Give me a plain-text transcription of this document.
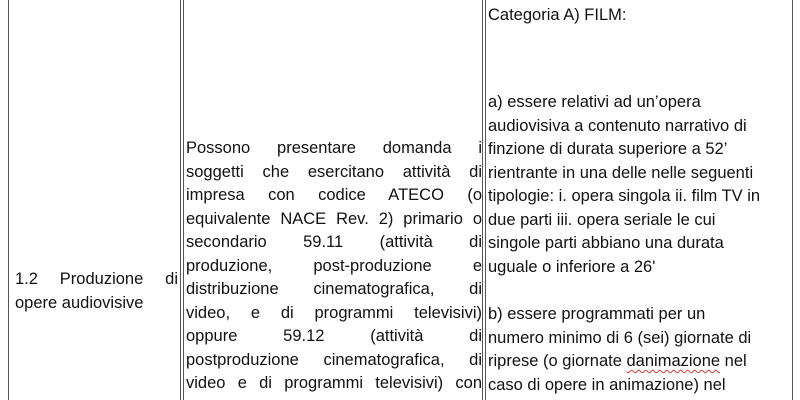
1.2 Produzione di
opere audiovisive
Possono presentare domanda i
soggetti che esercitano attività di
impresa con codice ATECO (o
equivalente NACE Rev. 2) primario o
secondario 59.11 (attività di
produzione, post-produzione e
distribuzione cinematografica, di
video, e di programmi televisivi)
oppure 59.12 (attività di
postproduzione cinematografica, di
video e di programmi televisivi) con
Categoria A) FILM:
a) essere relativi ad un’opera
audiovisiva a contenuto narrativo di
finzione di durata superiore a 52’
rientrante in una delle nelle seguenti
tipologie: i. opera singola ii. film TV in
due parti iii. opera seriale le cui
singole parti abbiano una durata
uguale o inferiore a 26'
b) essere programmati per un
numero minimo di 6 (sei) giornate di
riprese (o giornate danimazione nel
caso di opere in animazione) nel
